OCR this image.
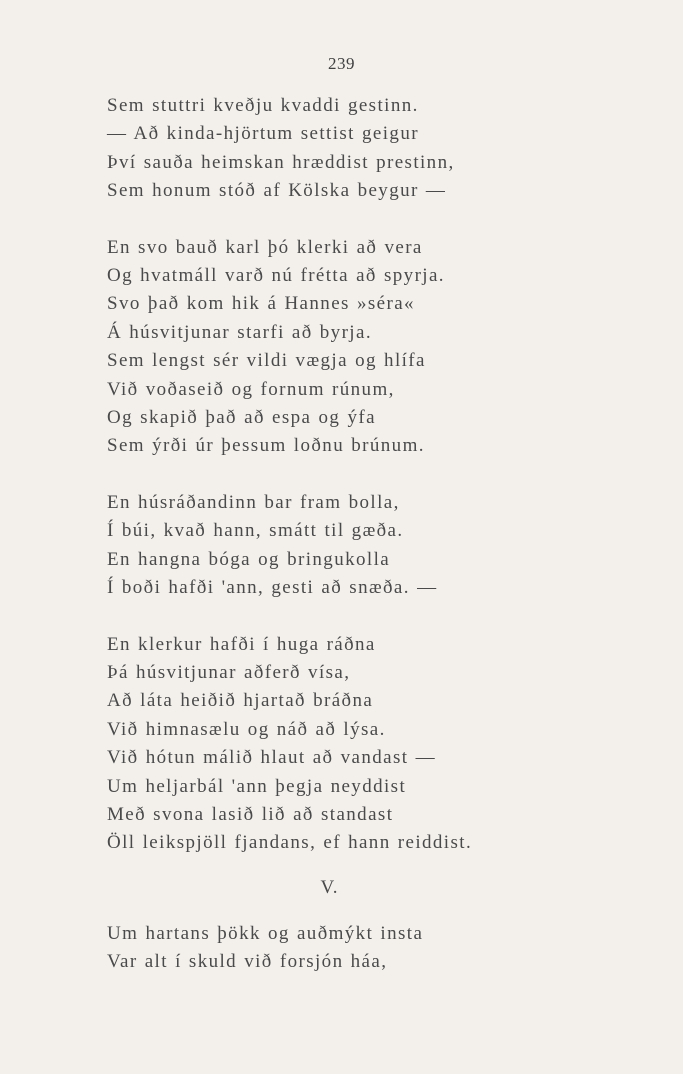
239
Sem stuttri kveðju kvaddi gestinn.
— Að kinda-hjörtum settist geigur
Því sauða heimskan hræddist prestinn,
Sem honum stóð af Kölska beygur —
En svo bauð karl þó klerki að vera
Og hvatmáll varð nú frétta að spyrja.
Svo það kom hik á Hannes »séra«
Á húsvitjunar starfi að byrja.
Sem lengst sér vildi vægja og hlífa
Við voðaseið og fornum rúnum,
Og skapið það að espa og ýfa
Sem ýrði úr þessum loðnu brúnum.
En húsráðandinn bar fram bolla,
Í búi, kvað hann, smátt til gæða.
En hangna bóga og bringukolla
Í boði hafði 'ann, gesti að snæða. —
En klerkur hafði í huga ráðna
Þá húsvitjunar aðferð vísa,
Að láta heiðið hjartað bráðna
Við himnasælu og náð að lýsa.
Við hótun málið hlaut að vandast —
Um heljarbál 'ann þegja neyddist
Með svona lasið lið að standast
Öll leikspjöll fjandans, ef hann reiddist.
V.
Um hartans þökk og auðmýkt insta
Var alt í skuld við forsjón háa,
